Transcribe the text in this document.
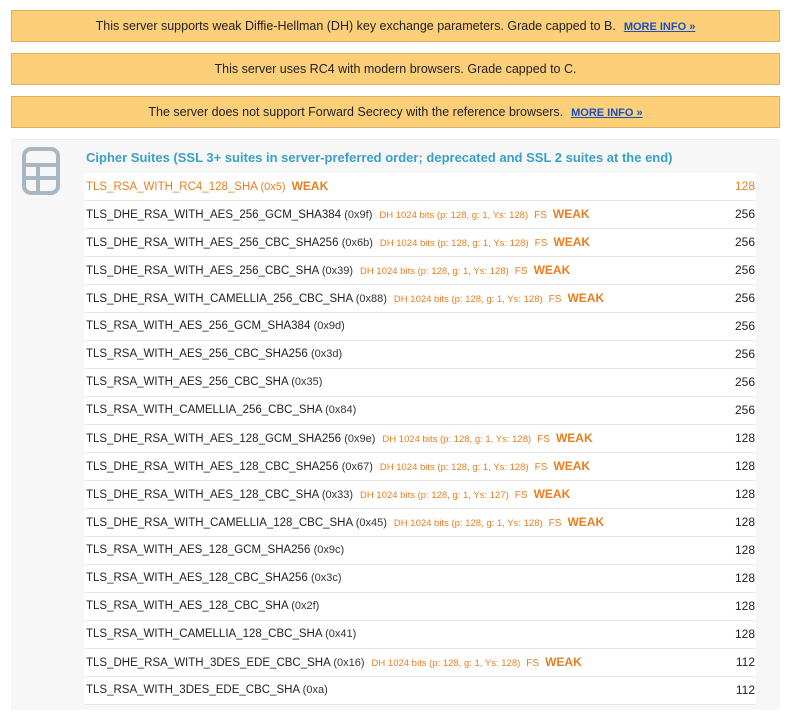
This server supports weak Diffie-Hellman (DH) key exchange parameters. Grade capped to B. MORE INFO »
This server uses RC4 with modern browsers. Grade capped to C.
The server does not support Forward Secrecy with the reference browsers. MORE INFO »
Cipher Suites (SSL 3+ suites in server-preferred order; deprecated and SSL 2 suites at the end)
TLS_RSA_WITH_RC4_128_SHA (0x5) WEAK	128
TLS_DHE_RSA_WITH_AES_256_GCM_SHA384 (0x9f) DH 1024 bits (p: 128, g: 1, Ys: 128) FS WEAK	256
TLS_DHE_RSA_WITH_AES_256_CBC_SHA256 (0x6b) DH 1024 bits (p: 128, g: 1, Ys: 128) FS WEAK	256
TLS_DHE_RSA_WITH_AES_256_CBC_SHA (0x39) DH 1024 bits (p: 128, g: 1, Ys: 128) FS WEAK	256
TLS_DHE_RSA_WITH_CAMELLIA_256_CBC_SHA (0x88) DH 1024 bits (p: 128, g: 1, Ys: 128) FS WEAK	256
TLS_RSA_WITH_AES_256_GCM_SHA384 (0x9d)	256
TLS_RSA_WITH_AES_256_CBC_SHA256 (0x3d)	256
TLS_RSA_WITH_AES_256_CBC_SHA (0x35)	256
TLS_RSA_WITH_CAMELLIA_256_CBC_SHA (0x84)	256
TLS_DHE_RSA_WITH_AES_128_GCM_SHA256 (0x9e) DH 1024 bits (p: 128, g: 1, Ys: 128) FS WEAK	128
TLS_DHE_RSA_WITH_AES_128_CBC_SHA256 (0x67) DH 1024 bits (p: 128, g: 1, Ys: 128) FS WEAK	128
TLS_DHE_RSA_WITH_AES_128_CBC_SHA (0x33) DH 1024 bits (p: 128, g: 1, Ys: 127) FS WEAK	128
TLS_DHE_RSA_WITH_CAMELLIA_128_CBC_SHA (0x45) DH 1024 bits (p: 128, g: 1, Ys: 128) FS WEAK	128
TLS_RSA_WITH_AES_128_GCM_SHA256 (0x9c)	128
TLS_RSA_WITH_AES_128_CBC_SHA256 (0x3c)	128
TLS_RSA_WITH_AES_128_CBC_SHA (0x2f)	128
TLS_RSA_WITH_CAMELLIA_128_CBC_SHA (0x41)	128
TLS_DHE_RSA_WITH_3DES_EDE_CBC_SHA (0x16) DH 1024 bits (p: 128, g: 1, Ys: 128) FS WEAK	112
TLS_RSA_WITH_3DES_EDE_CBC_SHA (0xa)	112
